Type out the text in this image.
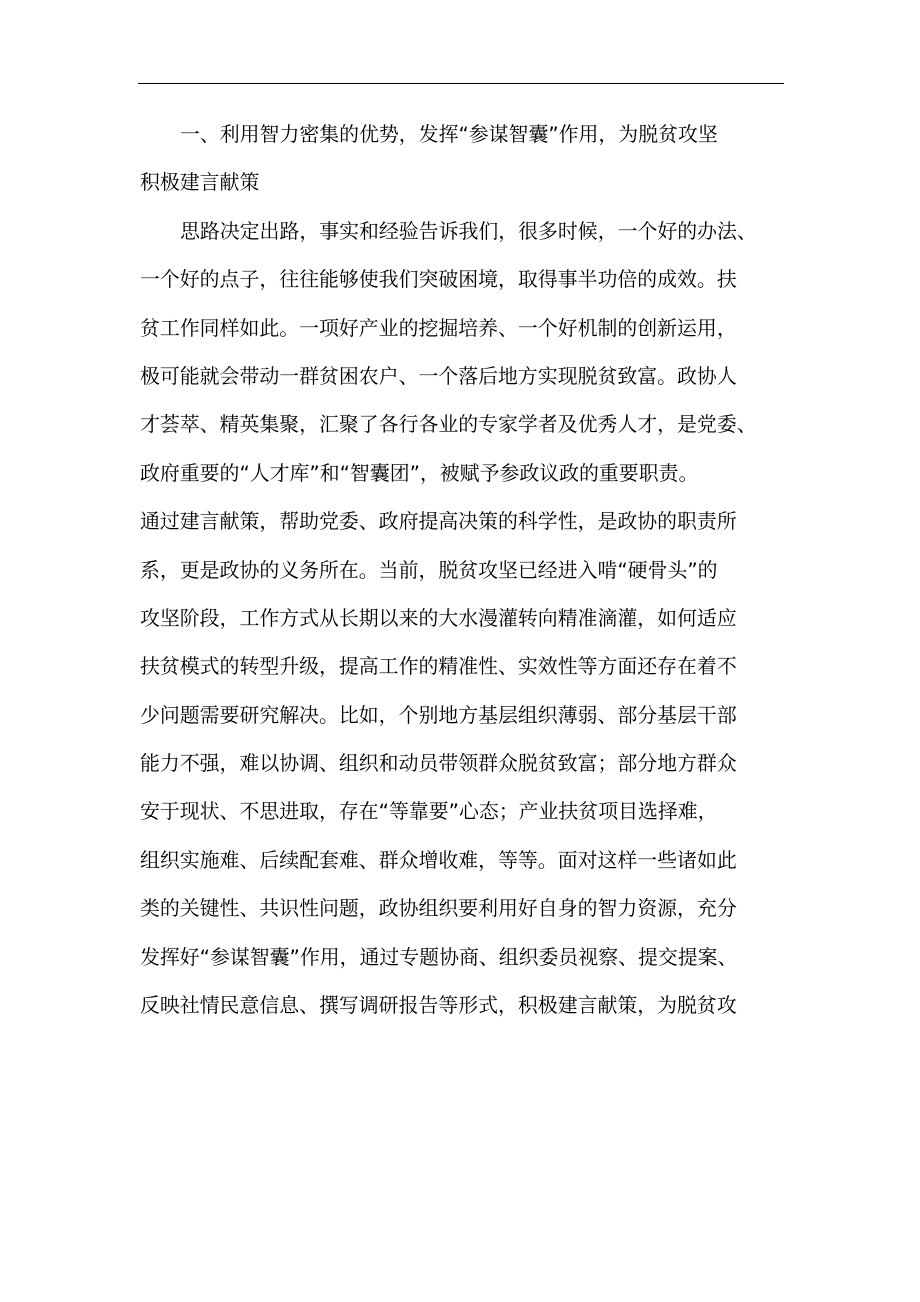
一、利用智力密集的优势，发挥“参谋智囊”作用，为脱贫攻坚
积极建言献策
思路决定出路，事实和经验告诉我们，很多时候，一个好的办法、
一个好的点子，往往能够使我们突破困境，取得事半功倍的成效。扶
贫工作同样如此。一项好产业的挖掘培养、一个好机制的创新运用，
极可能就会带动一群贫困农户、一个落后地方实现脱贫致富。政协人
才荟萃、精英集聚，汇聚了各行各业的专家学者及优秀人才，是党委、
政府重要的“人才库”和“智囊团”，被赋予参政议政的重要职责。
通过建言献策，帮助党委、政府提高决策的科学性，是政协的职责所
系，更是政协的义务所在。当前，脱贫攻坚已经进入啃“硬骨头”的
攻坚阶段，工作方式从长期以来的大水漫灌转向精准滴灌，如何适应
扶贫模式的转型升级，提高工作的精准性、实效性等方面还存在着不
少问题需要研究解决。比如，个别地方基层组织薄弱、部分基层干部
能力不强，难以协调、组织和动员带领群众脱贫致富；部分地方群众
安于现状、不思进取，存在“等靠要”心态；产业扶贫项目选择难，
组织实施难、后续配套难、群众增收难，等等。面对这样一些诸如此
类的关键性、共识性问题，政协组织要利用好自身的智力资源，充分
发挥好“参谋智囊”作用，通过专题协商、组织委员视察、提交提案、
反映社情民意信息、撰写调研报告等形式，积极建言献策，为脱贫攻
